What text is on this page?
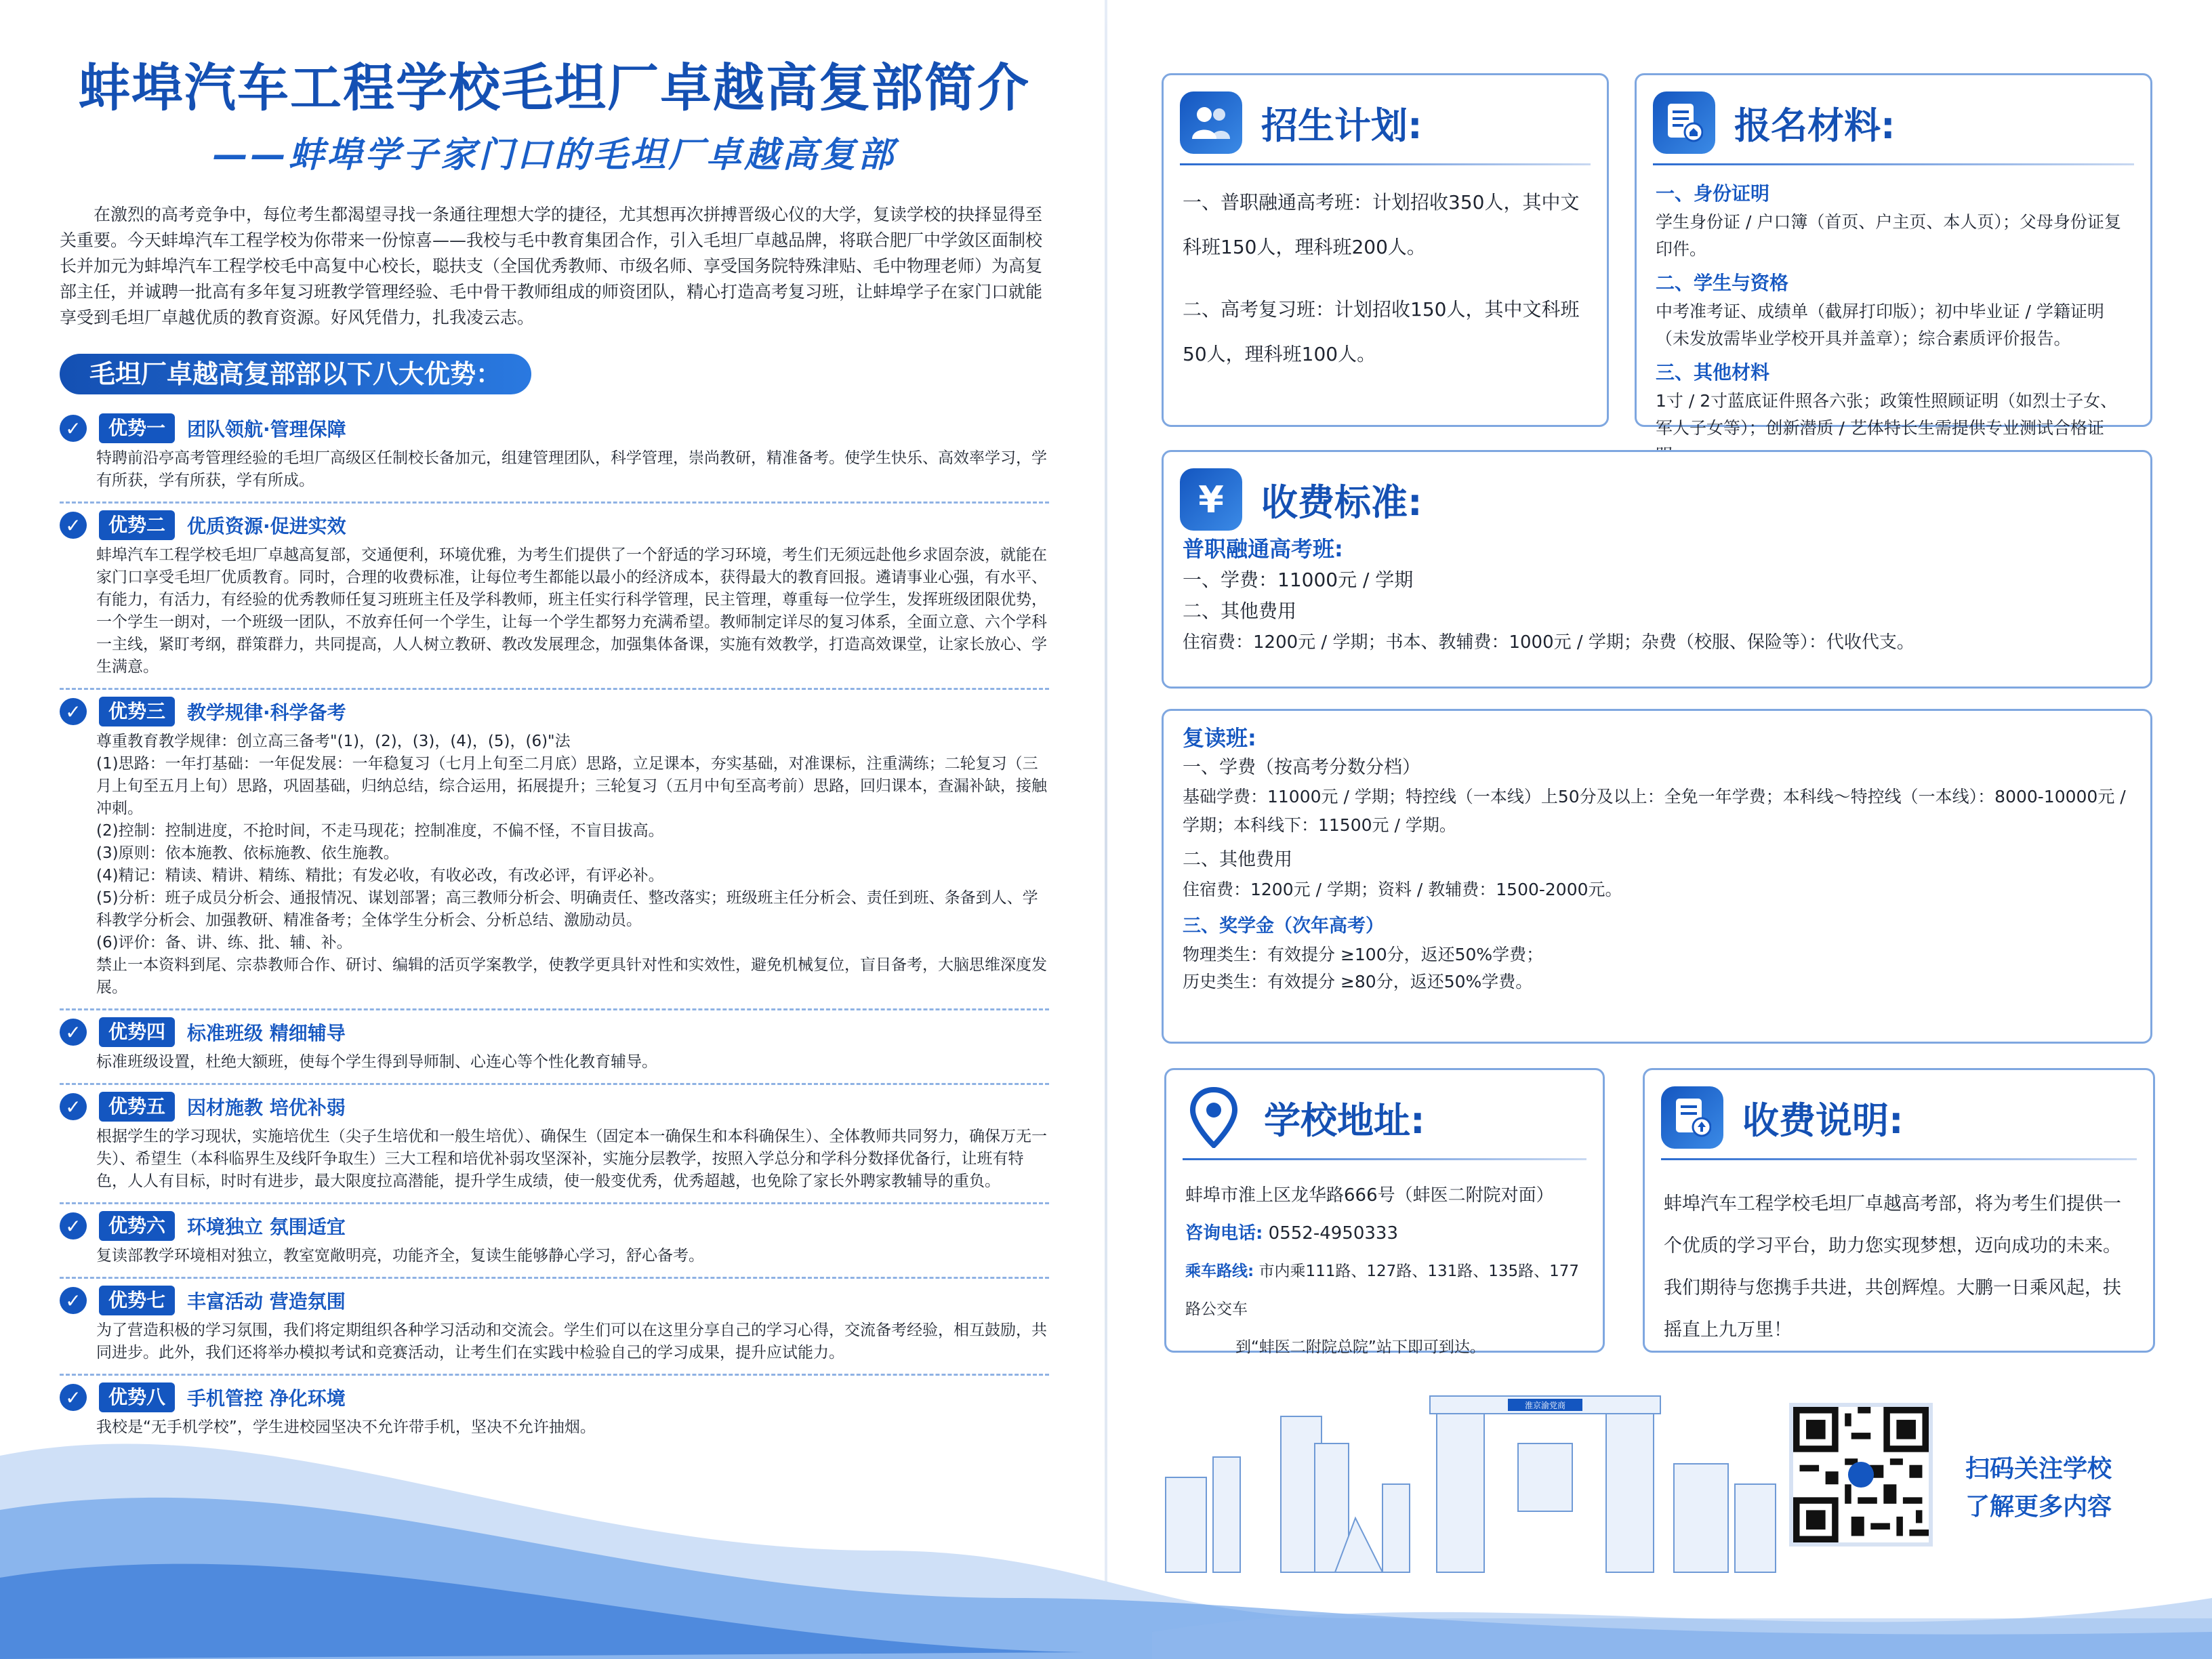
蚌埠汽车工程学校毛坦厂卓越高复部简介
——蚌埠学子家门口的毛坦厂卓越高复部

在激烈的高考竞争中，每位考生都渴望寻找一条通往理想大学的捷径，尤其想再次拼搏晋级心仪的大学，复读学校的抉择显得至关重要。今天蚌埠汽车工程学校为你带来一份惊喜——我校与毛中教育集团合作，引入毛坦厂卓越品牌，将联合肥厂中学敛区面制校长并加元为蚌埠汽车工程学校毛中高复中心校长，聪扶支（全国优秀教师、市级名师、享受国务院特殊津贴、毛中物理老师）为高复部主任，并诚聘一批高有多年复习班教学管理经验、毛中骨干教师组成的师资团队，精心打造高考复习班，让蚌埠学子在家门口就能享受到毛坦厂卓越优质的教育资源。好风凭借力，扎我凌云志。

毛坦厂卓越高复部部以下八大优势：
✓	优势一	团队领航·管理保障

特聘前沿亭高考管理经验的毛坦厂高级区任制校长备加元，组建管理团队，科学管理，崇尚教研，精准备考。使学生快乐、高效率学习，学有所获，学有所获，学有所成。

✓	优势二	优质资源·促进实效

蚌埠汽车工程学校毛坦厂卓越高复部，交通便利，环境优雅，为考生们提供了一个舒适的学习环境，考生们无须远赴他乡求固奈波，就能在家门口享受毛坦厂优质教育。同时，合理的收费标准，让每位考生都能以最小的经济成本，获得最大的教育回报。遴请事业心强，有水平、有能力，有活力，有经验的优秀教师任复习班班主任及学科教师，班主任实行科学管理，民主管理，尊重每一位学生，发挥班级团限优势，一个学生一朗对，一个班级一团队，不放弃任何一个学生，让每一个学生都努力充满希望。教师制定详尽的复习体系，全面立意、六个学科一主线，紧盯考纲，群策群力，共同提高，人人树立教研、教改发展理念，加强集体备课，实施有效教学，打造高效课堂，让家长放心、学生满意。

✓	优势三	教学规律·科学备考

尊重教育教学规律：创立高三备考"(1)，(2)，(3)，(4)，(5)，(6)"法

(1)思路：一年打基础：一年促发展：一年稳复习（七月上旬至二月底）思路，立足课本，夯实基础，对准课标，注重满练；二轮复习（三月上旬至五月上旬）思路，巩固基础，归纳总结，综合运用，拓展提升；三轮复习（五月中旬至高考前）思路，回归课本，查漏补缺，接触冲刺。

(2)控制：控制进度，不抢时间，不走马现花；控制准度，不偏不怪，不盲目拔高。

(3)原则：依本施教、依标施教、依生施教。

(4)精记：精读、精讲、精练、精批；有发必收，有收必改，有改必评，有评必补。

(5)分析：班子成员分析会、通报情况、谋划部署；高三教师分析会、明确责任、整改落实；班级班主任分析会、责任到班、条备到人、学科教学分析会、加强教研、精准备考；全体学生分析会、分析总结、激励动员。

(6)评价：备、讲、练、批、辅、补。

禁止一本资料到尾、宗恭教师合作、研讨、编辑的活页学案教学，使教学更具针对性和实效性，避免机械复位，盲目备考，大脑思维深度发展。

✓	优势四	标准班级 精细辅导

标准班级设置，杜绝大额班，使每个学生得到导师制、心连心等个性化教育辅导。

✓	优势五	因材施教 培优补弱

根据学生的学习现状，实施培优生（尖子生培优和一般生培优）、确保生（固定本一确保生和本科确保生）、全体教师共同努力，确保万无一失）、希望生（本科临界生及线阡争取生）三大工程和培优补弱攻坚深补，实施分层教学，按照入学总分和学科分数择优备行，让班有特色，人人有目标，时时有进步，最大限度拉高潜能，提升学生成绩，使一般变优秀，优秀超越，也免除了家长外聘家教辅导的重负。

✓	优势六	环境独立 氛围适宜

复读部教学环境相对独立，教室宽敞明亮，功能齐全，复读生能够静心学习，舒心备考。

✓	优势七	丰富活动 营造氛围

为了营造积极的学习氛围，我们将定期组织各种学习活动和交流会。学生们可以在这里分享自己的学习心得，交流备考经验，相互鼓励，共同进步。此外，我们还将举办模拟考试和竞赛活动，让考生们在实践中检验自己的学习成果，提升应试能力。

✓	优势八	手机管控 净化环境

我校是“无手机学校”，学生进校园坚决不允许带手机，坚决不允许抽烟。

招生计划:

一、普职融通高考班：计划招收350人，其中文科班150人，理科班200人。

二、高考复习班：计划招收150人，其中文科班50人，理科班100人。

报名材料:
一、身份证明

学生身份证 / 户口簿（首页、户主页、本人页）；父母身份证复印件。

二、学生与资格

中考准考证、成绩单（截屏打印版）；初中毕业证 / 学籍证明（未发放需毕业学校开具并盖章）；综合素质评价报告。

三、其他材料

1寸 / 2寸蓝底证件照各六张；政策性照顾证明（如烈士子女、军人子女等）；创新潜质 / 艺体特长生需提供专业测试合格证

¥	收费标准:
普职融通高考班:

一、学费：11000元 / 学期

二、其他费用

住宿费：1200元 / 学期；书本、教辅费：1000元 / 学期；杂费（校服、保险等）：代收代支。

复读班:

一、学费（按高考分数分档）

基础学费：11000元 / 学期；特控线（一本线）上50分及以上：全免一年学费；本科线～特控线（一本线）：8000-10000元 / 学期；本科线下：11500元 / 学期。

二、其他费用

住宿费：1200元 / 学期；资料 / 教辅费：1500-2000元。

三、奖学金（次年高考）

物理类生：有效提分 ≥100分，返还50%学费；

历史类生：有效提分 ≥80分，返还50%学费。

学校地址:

蚌埠市淮上区龙华路666号（蚌医二附院对面）

咨询电话: 0552-4950333

乘车路线: 市内乘111路、127路、131路、135路、177路公交车

到“蚌医二附院总院”站下即可到达。

收费说明:

蚌埠汽车工程学校毛坦厂卓越高考部，将为考生们提供一个优质的学习平台，助力您实现梦想，迈向成功的未来。我们期待与您携手共进，共创辉煌。大鹏一日乘风起，扶摇直上九万里！

淮京渝党商
扫码关注学校
了解更多内容
